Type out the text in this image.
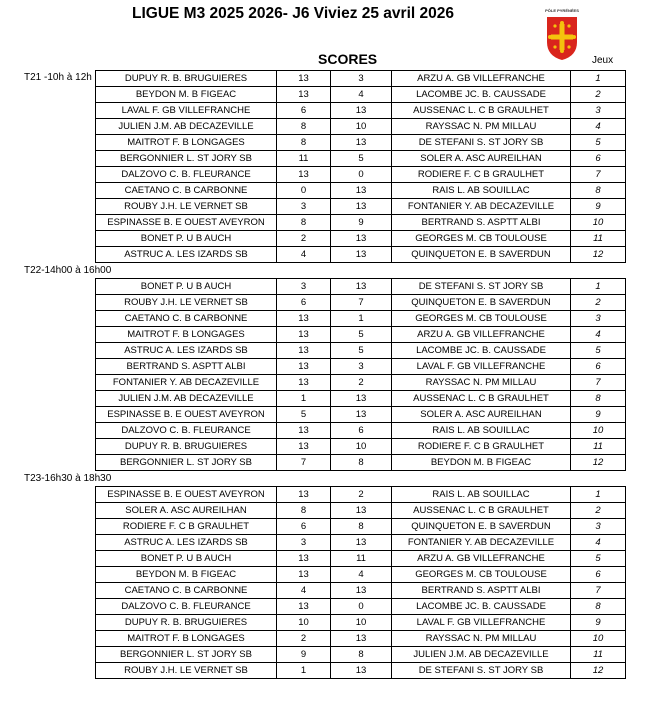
LIGUE M3 2025 2026- J6 Viviez 25 avril 2026	PÔLE PYRÉNÉES
SCORES	Jeux
T21 -10h à 12h	DUPUY R. B. BRUGUIERES	13	3	ARZU A. GB VILLEFRANCHE	1
BEYDON M. B FIGEAC	13	4	LACOMBE JC. B. CAUSSADE	2
LAVAL F. GB VILLEFRANCHE	6	13	AUSSENAC L. C B GRAULHET	3
JULIEN J.M. AB DECAZEVILLE	8	10	RAYSSAC N. PM MILLAU	4
MAITROT F. B LONGAGES	8	13	DE STEFANI S. ST JORY SB	5
BERGONNIER L. ST JORY SB	11	5	SOLER A. ASC AUREILHAN	6
DALZOVO C. B. FLEURANCE	13	0	RODIERE F. C B GRAULHET	7
CAETANO C. B CARBONNE	0	13	RAIS L. AB SOUILLAC	8
ROUBY J.H. LE VERNET SB	3	13	FONTANIER Y. AB DECAZEVILLE	9
ESPINASSE B. E OUEST AVEYRON	8	9	BERTRAND S. ASPTT ALBI	10
BONET P. U B AUCH	2	13	GEORGES M. CB TOULOUSE	11
ASTRUC A. LES IZARDS SB	4	13	QUINQUETON E. B SAVERDUN	12
T22-14h00 à 16h00
BONET P. U B AUCH	3	13	DE STEFANI S. ST JORY SB	1
ROUBY J.H. LE VERNET SB	6	7	QUINQUETON E. B SAVERDUN	2
CAETANO C. B CARBONNE	13	1	GEORGES M. CB TOULOUSE	3
MAITROT F. B LONGAGES	13	5	ARZU A. GB VILLEFRANCHE	4
ASTRUC A. LES IZARDS SB	13	5	LACOMBE JC. B. CAUSSADE	5
BERTRAND S. ASPTT ALBI	13	3	LAVAL F. GB VILLEFRANCHE	6
FONTANIER Y. AB DECAZEVILLE	13	2	RAYSSAC N. PM MILLAU	7
JULIEN J.M. AB DECAZEVILLE	1	13	AUSSENAC L. C B GRAULHET	8
ESPINASSE B. E OUEST AVEYRON	5	13	SOLER A. ASC AUREILHAN	9
DALZOVO C. B. FLEURANCE	13	6	RAIS L. AB SOUILLAC	10
DUPUY R. B. BRUGUIERES	13	10	RODIERE F. C B GRAULHET	11
BERGONNIER L. ST JORY SB	7	8	BEYDON M. B FIGEAC	12
T23-16h30 à 18h30
ESPINASSE B. E OUEST AVEYRON	13	2	RAIS L. AB SOUILLAC	1
SOLER A. ASC AUREILHAN	8	13	AUSSENAC L. C B GRAULHET	2
RODIERE F. C B GRAULHET	6	8	QUINQUETON E. B SAVERDUN	3
ASTRUC A. LES IZARDS SB	3	13	FONTANIER Y. AB DECAZEVILLE	4
BONET P. U B AUCH	13	11	ARZU A. GB VILLEFRANCHE	5
BEYDON M. B FIGEAC	13	4	GEORGES M. CB TOULOUSE	6
CAETANO C. B CARBONNE	4	13	BERTRAND S. ASPTT ALBI	7
DALZOVO C. B. FLEURANCE	13	0	LACOMBE JC. B. CAUSSADE	8
DUPUY R. B. BRUGUIERES	10	10	LAVAL F. GB VILLEFRANCHE	9
MAITROT F. B LONGAGES	2	13	RAYSSAC N. PM MILLAU	10
BERGONNIER L. ST JORY SB	9	8	JULIEN J.M. AB DECAZEVILLE	11
ROUBY J.H. LE VERNET SB	1	13	DE STEFANI S. ST JORY SB	12
